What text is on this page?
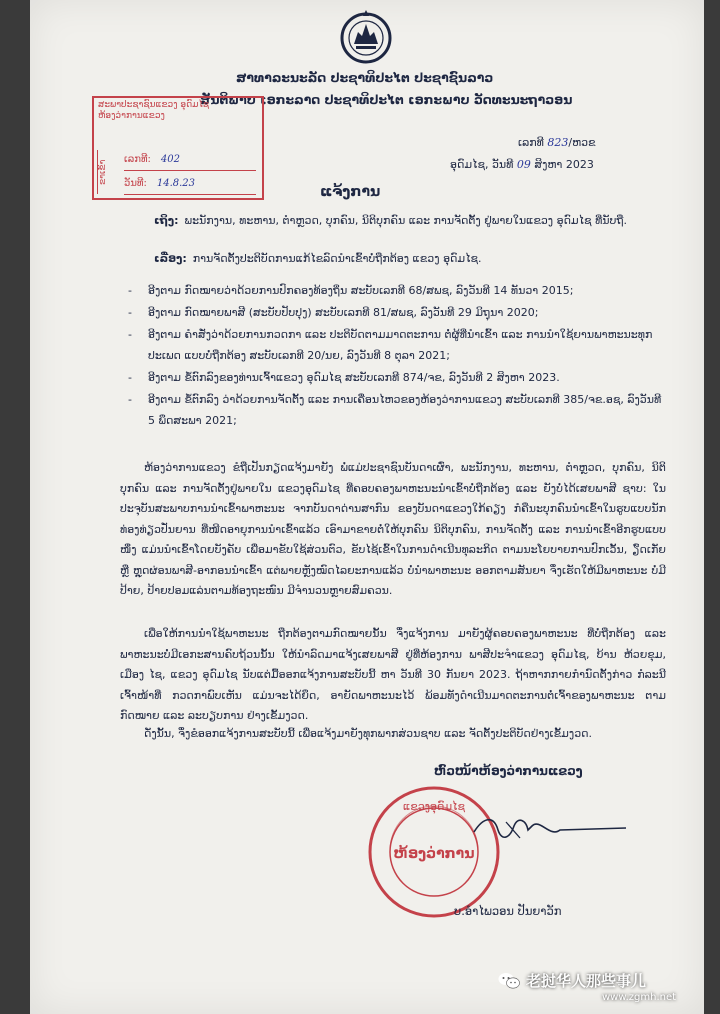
ສາທາລະນະລັດ ປະຊາທິປະໄຕ ປະຊາຊົນລາວ
ສັນຕິພາບ ເອກະລາດ ປະຊາທິປະໄຕ ເອກະພາບ ວັດທະນະຖາວອນ
ສະພາປະຊາຊົນແຂວງ ອຸດົມໄຊ
ຫ້ອງວ່າການແຂວງ
ຂາເຂົ້າ	ເລກທີ: 402
ວັນທີ: 14.8.23
ເລກທີ 823/ຫວຂ
ອຸດົມໄຊ, ວັນທີ 09 ສິງຫາ 2023
ແຈ້ງການ
ເຖິງ: ພະນັກງານ, ທະຫານ, ຕຳຫຼວດ, ບຸກຄົນ, ນິຕິບຸກຄົນ ແລະ ການຈັດຕັ້ງ ຢູ່ພາຍໃນແຂວງ ອຸດົມໄຊ ທີ່ນັບຖື.
ເລື່ອງ: ການຈັດຕັ້ງປະຕິບັດການແກ້ໄຂລົດນຳເຂົ້າບໍ່ຖືກຕ້ອງ ແຂວງ ອຸດົມໄຊ.
- ອີງຕາມ ກົດໝາຍວ່າດ້ວຍການປົກຄອງທ້ອງຖິ່ນ ສະບັບເລກທີ 68/ສພຊ, ລົງວັນທີ 14 ທັນວາ 2015;
- ອີງຕາມ ກົດໝາຍພາສີ (ສະບັບປັບປຸງ) ສະບັບເລກທີ 81/ສພຊ, ລົງວັນທີ 29 ມິຖຸນາ 2020;
- ອີງຕາມ ຄຳສັ່ງວ່າດ້ວຍການກວດກາ ແລະ ປະຕິບັດຕາມມາດຕະການ ຕໍ່ຜູ້ທີ່ນຳເຂົ້າ ແລະ ການນຳໃຊ້ຍານພາຫະນະທຸກປະເພດ ແບບບໍ່ຖືກຕ້ອງ ສະບັບເລກທີ 20/ນຍ, ລົງວັນທີ 8 ຕຸລາ 2021;
- ອີງຕາມ ຂໍ້ຕົກລົງຂອງທ່ານເຈົ້າແຂວງ ອຸດົມໄຊ ສະບັບເລກທີ 874/ຈຂ, ລົງວັນທີ 2 ສິງຫາ 2023.
- ອີງຕາມ ຂໍ້ຕົກລົງ ວ່າດ້ວຍການຈັດຕັ້ງ ແລະ ການເຄື່ອນໄຫວຂອງຫ້ອງວ່າການແຂວງ ສະບັບເລກທີ 385/ຈຂ.ອຊ, ລົງວັນທີ 5 ພຶດສະພາ 2021;

ຫ້ອງວ່າການແຂວງ ຂໍຖືເປັນກຽດແຈ້ງມາຍັງ ພໍ່ແມ່ປະຊາຊົນບັນດາເຜົ່າ, ພະນັກງານ, ທະຫານ, ຕຳຫຼວດ, ບຸກຄົນ, ນິຕິບຸກຄົນ ແລະ ການຈັດຕັ້ງຢູ່ພາຍໃນ ແຂວງອຸດົມໄຊ ທີ່ຄອບຄອງພາຫະນະນຳເຂົ້າບໍ່ຖືກຕ້ອງ ແລະ ຍັງບໍ່ໄດ້ເສຍພາສີ ຊາບ: ໃນປະຈຸບັນສະພາບການນຳເຂົ້າພາຫະນະ ຈາກບັນດາດ່ານສາກົນ ຂອງບັນດາແຂວງໃກ້ຄຽງ ກໍຄືນະບຸກຄົນນຳເຂົ້າໃນຮູບແບບນັກທ່ອງທ່ຽວປັ່ນຍານ ທີ່ໜີດອາຍຸການນຳເຂົ້າແລ້ວ ເອົາມາຂາຍຕໍ່ໃຫ້ບຸກຄົນ ນິຕິບຸກຄົນ, ການຈັດຕັ້ງ ແລະ ການນຳເຂົ້າອີກຮູບແບບໜຶ່ງ ແມ່ນນຳເຂົ້າໂດຍບັງຄັບ ເພື່ອມາຂັບໃຊ້ສ່ວນຕົວ, ຂັບໄຊ້ເຂົ້າໃນການດຳເນີນທຸລະກິດ ຕາມນະໂຍບາຍການປົກເວັ້ນ, ຽົດເກັ່ຍ ຫຼື ຫຼຸດຜ່ອນພາສີ-ອາກອນນຳເຂົ້າ ແຕ່ພາຍຫຼັງໝົດໄລຍະການແລ້ວ ບໍ່ນຳພາຫະນະ ອອກຕາມສັນຍາ ຈຶ່ງເຮັດໃຫ້ມີພາຫະນະ ບໍ່ມີປ້າຍ, ປ້າຍປອມແລ່ນຕາມທ້ອງຖະໜົນ ມີຈຳນວນຫຼາຍສົມຄວນ.

ເພື່ອໃຫ້ການນຳໃຊ້ພາຫະນະ ຖືກຕ້ອງຕາມກົດໝາຍນັ້ນ ຈຶ່ງແຈ້ງການ ມາຍັງຜູ້ຄອບຄອງພາຫະນະ ທີ່ບໍ່ຖືກຕ້ອງ ແລະ ພາຫະນະບໍ່ມີເອກະສານຄົບຖ້ວນນັ້ນ ໃຫ້ນຳລົດມາແຈ້ງເສຍພາສີ ຢູ່ທີ່ຫ້ອງການ ພາສີປະຈຳແຂວງ ອຸດົມໄຊ, ບ້ານ ຫ້ວຍຂຸມ, ເມືອງ ໄຊ, ແຂວງ ອຸດົມໄຊ ນັບແຕ່ມື້ອອກແຈ້ງການສະບັບນີ້ ຫາ ວັນທີ 30 ກັນຍາ 2023. ຖ້າຫາກກາຍກຳນົດຕັ້ງກ່າວ ກໍລະນີເຈົ້າໜ້າທີ່ ກວດກາພົບເຫັນ ແມ່ນຈະໄດ້ຍຶດ, ອາຍັດພາຫະນະໄວ້ ພ້ອມທັງດຳເນີນມາດຕະການຕໍ່ເຈົ້າຂອງພາຫະນະ ຕາມກົດໝາຍ ແລະ ລະບຽບການ ຢ່າງເຂັ້ມງວດ.

ດັ່ງນັ້ນ, ຈຶ່ງຂໍອອກແຈ້ງການສະບັບນີ້ ເພື່ອແຈ້ງມາຍັງທຸກພາກສ່ວນຊາບ ແລະ ຈັດຕັ້ງປະຕິບັດຢ່າງເຂັ້ມງວດ.

ຫົວໜ້າຫ້ອງວ່າການແຂວງ
ແຂວງອຸດົມໄຊ
ຫ້ອງວ່າການ
ບ.ອຳໄພວອນ ປັນຍາວັກ
老挝华人那些事儿
www.zgmh.net
